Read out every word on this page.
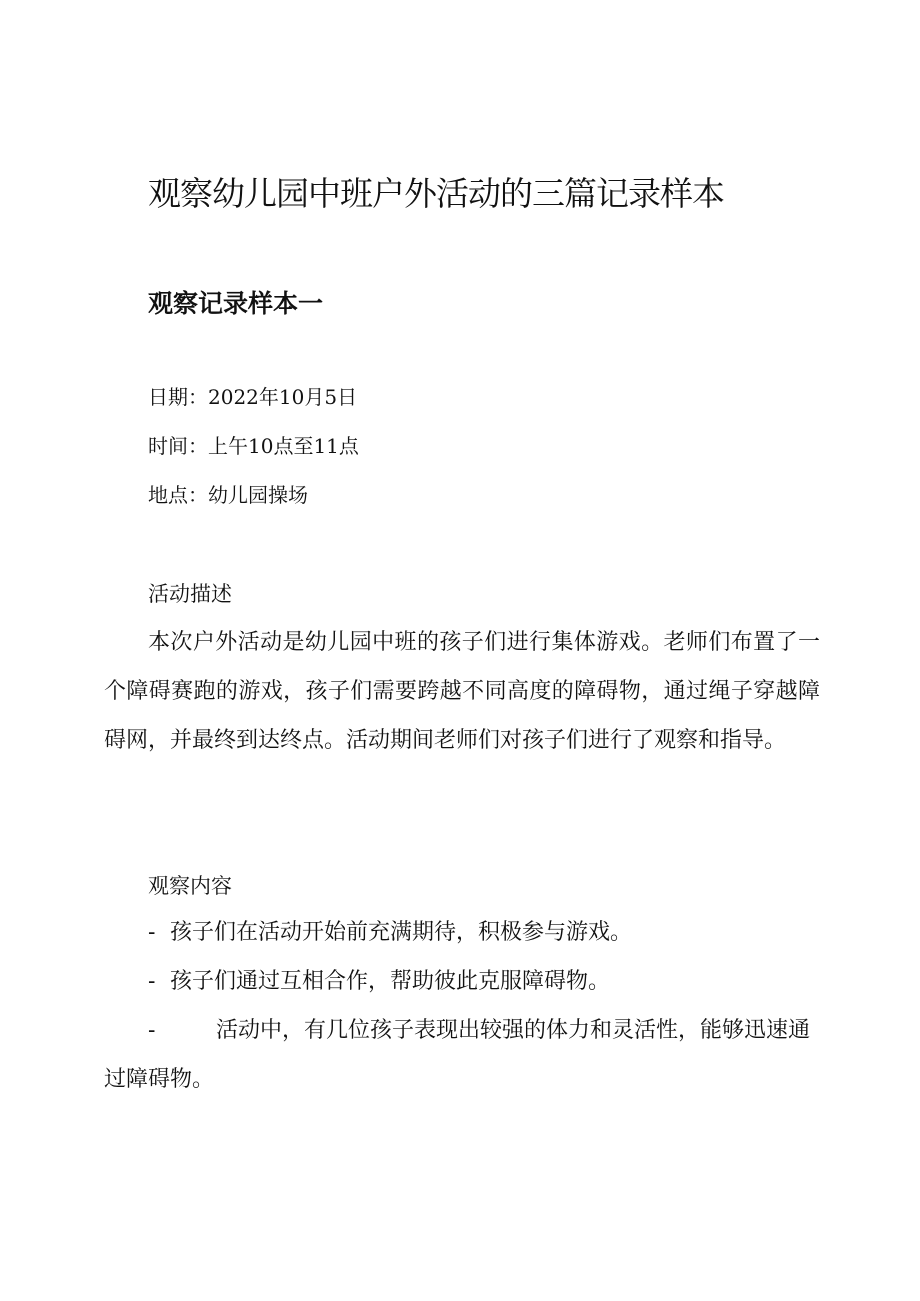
观察幼儿园中班户外活动的三篇记录样本
观察记录样本一
日期：2022年10月5日
时间：上午10点至11点
地点：幼儿园操场
活动描述

本次户外活动是幼儿园中班的孩子们进行集体游戏。老师们布置了一个障碍赛跑的游戏，孩子们需要跨越不同高度的障碍物，通过绳子穿越障碍网，并最终到达终点。活动期间老师们对孩子们进行了观察和指导。

观察内容

- 孩子们在活动开始前充满期待，积极参与游戏。

- 孩子们通过互相合作，帮助彼此克服障碍物。

-	活动中，有几位孩子表现出较强的体力和灵活性，能够迅速通过障碍物。
